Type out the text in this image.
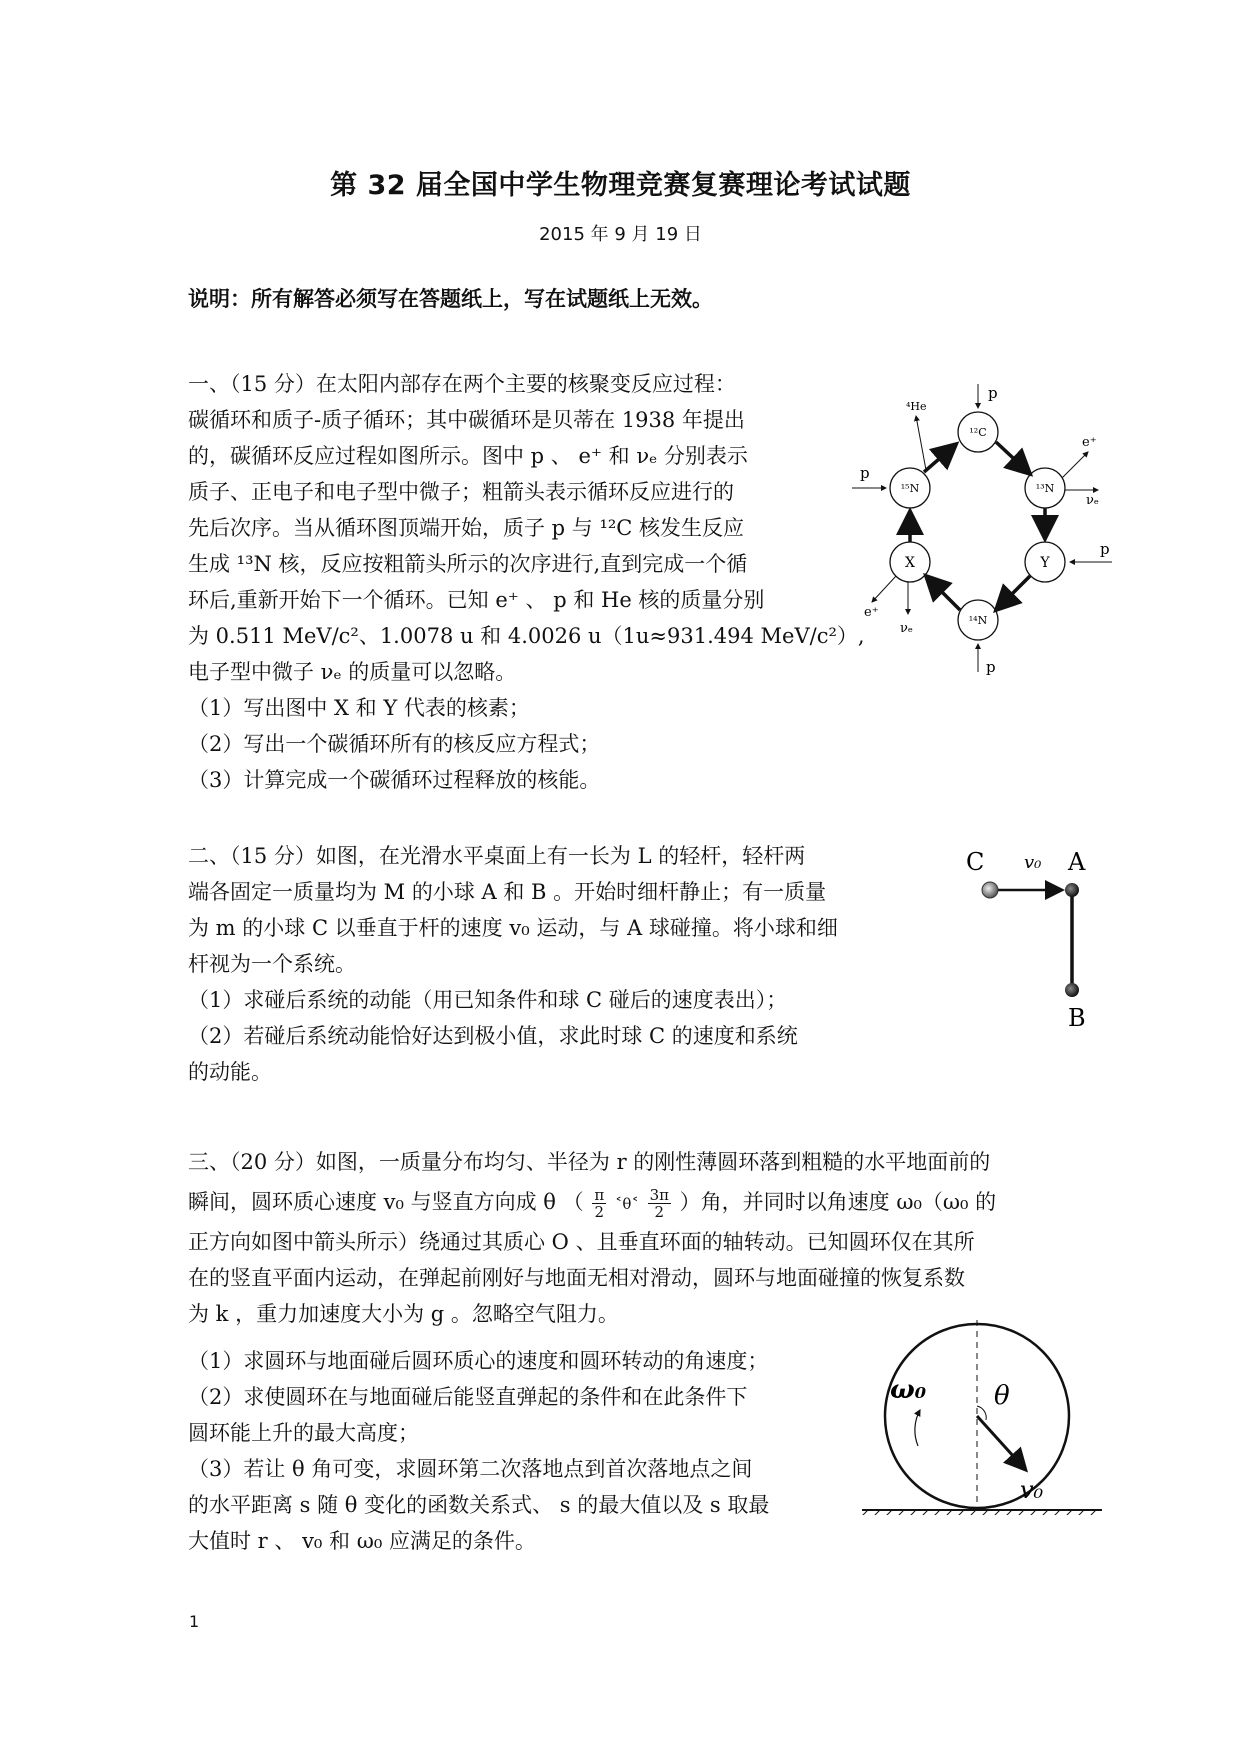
第 32 届全国中学生物理竞赛复赛理论考试试题
2015 年 9 月 19 日
说明：所有解答必须写在答题纸上，写在试题纸上无效。
一、（15 分）在太阳内部存在两个主要的核聚变反应过程：
碳循环和质子-质子循环；其中碳循环是贝蒂在 1938 年提出
的，碳循环反应过程如图所示。图中 p 、 e⁺ 和 νₑ 分别表示
质子、正电子和电子型中微子；粗箭头表示循环反应进行的
先后次序。当从循环图顶端开始，质子 p 与 ¹²C 核发生反应
生成 ¹³N 核，反应按粗箭头所示的次序进行,直到完成一个循
环后,重新开始下一个循环。已知 e⁺ 、 p 和 He 核的质量分别
为 0.511 MeV/c²、1.0078 u 和 4.0026 u（1u≈931.494 MeV/c²）,
电子型中微子 νₑ 的质量可以忽略。
（1）写出图中 X 和 Y 代表的核素；
（2）写出一个碳循环所有的核反应方程式；
（3）计算完成一个碳循环过程释放的核能。
¹²C
¹³N
X
¹⁴N
Y
¹⁵N
p
p
⁴He
e⁺
νₑ
p
e⁺
νₑ
p
二、（15 分）如图，在光滑水平桌面上有一长为 L 的轻杆，轻杆两
端各固定一质量均为 M 的小球 A 和 B 。开始时细杆静止；有一质量
为 m 的小球 C 以垂直于杆的速度 v₀ 运动，与 A 球碰撞。将小球和细
杆视为一个系统。
（1）求碰后系统的动能（用已知条件和球 C 碰后的速度表出）；
（2）若碰后系统动能恰好达到极小值，求此时球 C 的速度和系统
的动能。
C v₀ A
B
三、（20 分）如图，一质量分布均匀、半径为 r 的刚性薄圆环落到粗糙的水平地面前的
瞬间，圆环质心速度 v₀ 与竖直方向成 θ （ $\frac{\pi}{2}$ ˂θ˂ $\frac{3\pi}{2}$ ）角，并同时以角速度 ω₀（ω₀ 的
正方向如图中箭头所示）绕通过其质心 O 、且垂直环面的轴转动。已知圆环仅在其所
在的竖直平面内运动，在弹起前刚好与地面无相对滑动，圆环与地面碰撞的恢复系数
为 k ，重力加速度大小为 g 。忽略空气阻力。
（1）求圆环与地面碰后圆环质心的速度和圆环转动的角速度；
（2）求使圆环在与地面碰后能竖直弹起的条件和在此条件下
圆环能上升的最大高度；
（3）若让 θ 角可变，求圆环第二次落地点到首次落地点之间
的水平距离 s 随 θ 变化的函数关系式、 s 的最大值以及 s 取最
大值时 r 、 v₀ 和 ω₀ 应满足的条件。
ω₀	θ
v₀
1
